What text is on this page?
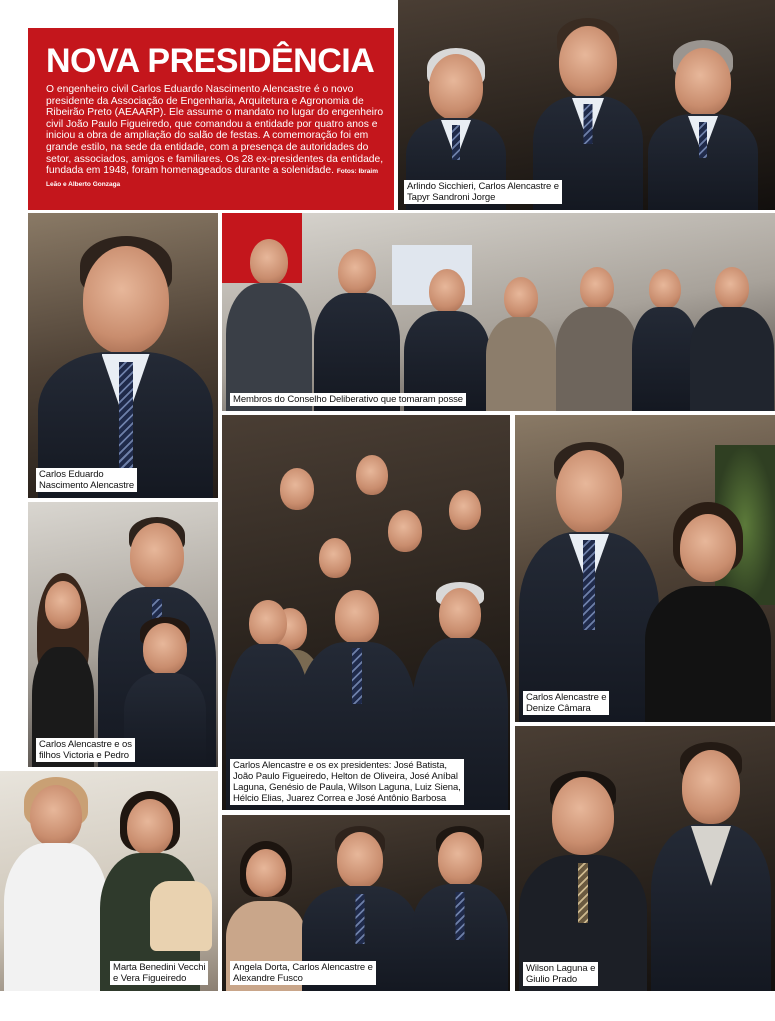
NOVA PRESIDÊNCIA
O engenheiro civil Carlos Eduardo Nascimento Alencastre é o novo presidente da Associação de Engenharia, Arquitetura e Agronomia de Ribeirão Preto (AEAARP). Ele assume o mandato no lugar do engenheiro civil João Paulo Figueiredo, que comandou a entidade por quatro anos e iniciou a obra de ampliação do salão de festas. A comemoração foi em grande estilo, na sede da entidade, com a presença de autoridades do setor, associados, amigos e familiares. Os 28 ex-presidentes da entidade, fundada em 1948, foram homenageados durante a solenidade. Fotos: Ibraim Leão e Alberto Gonzaga	Arlindo Sicchieri, Carlos Alencastre e
Tapyr Sandroni Jorge
Membros do Conselho Deliberativo que tomaram posse
Carlos Eduardo
Nascimento Alencastre
Carlos Alencastre e os
filhos Victoria e Pedro
Carlos Alencastre e os ex presidentes: José Batista,
João Paulo Figueiredo, Helton de Oliveira, José Aníbal
Laguna, Genésio de Paula, Wilson Laguna, Luiz Siena,
Hélcio Elias, Juarez Correa e José Antônio Barbosa
Carlos Alencastre e
Denize Câmara
Marta Benedini Vecchi
e Vera Figueiredo
Angela Dorta, Carlos Alencastre e
Alexandre Fusco
Wilson Laguna e
Giulio Prado
